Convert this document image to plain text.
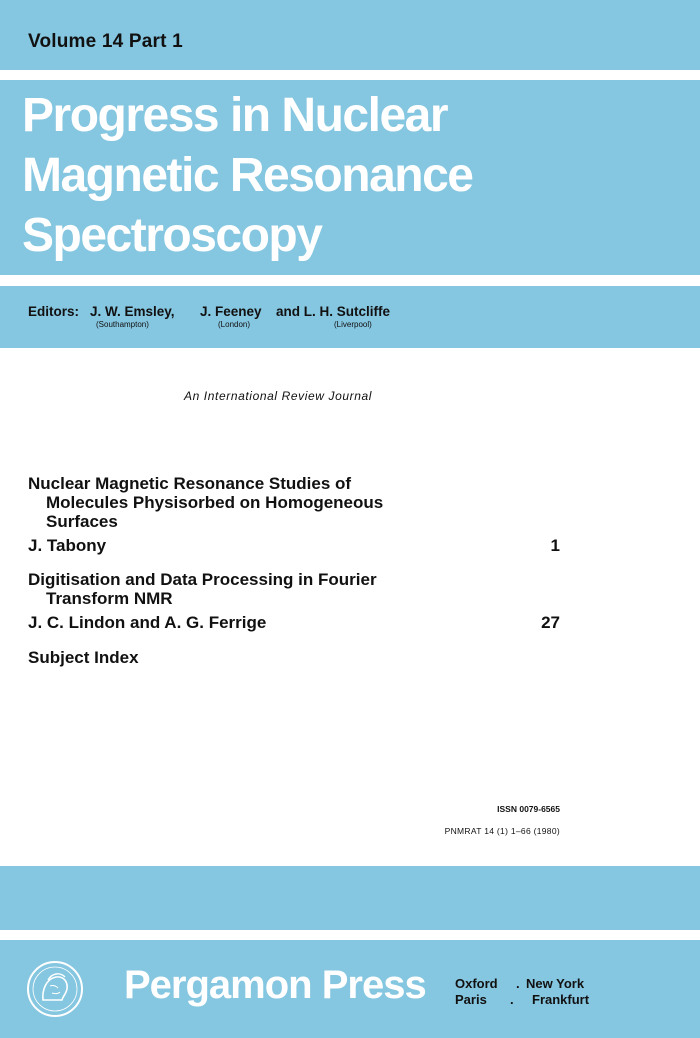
Volume 14 Part 1
Progress in Nuclear
Magnetic Resonance
Spectroscopy
Editors: J. W. Emsley,
(Southampton)
J. Feeney
(London)
and L. H. Sutcliffe
(Liverpool)
An International Review Journal
Nuclear Magnetic Resonance Studies of
Molecules Physisorbed on Homogeneous
Surfaces
J. Tabony	1
Digitisation and Data Processing in Fourier
Transform NMR
J. C. Lindon and A. G. Ferrige	27
Subject Index
ISSN 0079-6565
PNMRAT 14 (1) 1–66 (1980)
Pergamon Press Oxford . New York
Paris . Frankfurt
